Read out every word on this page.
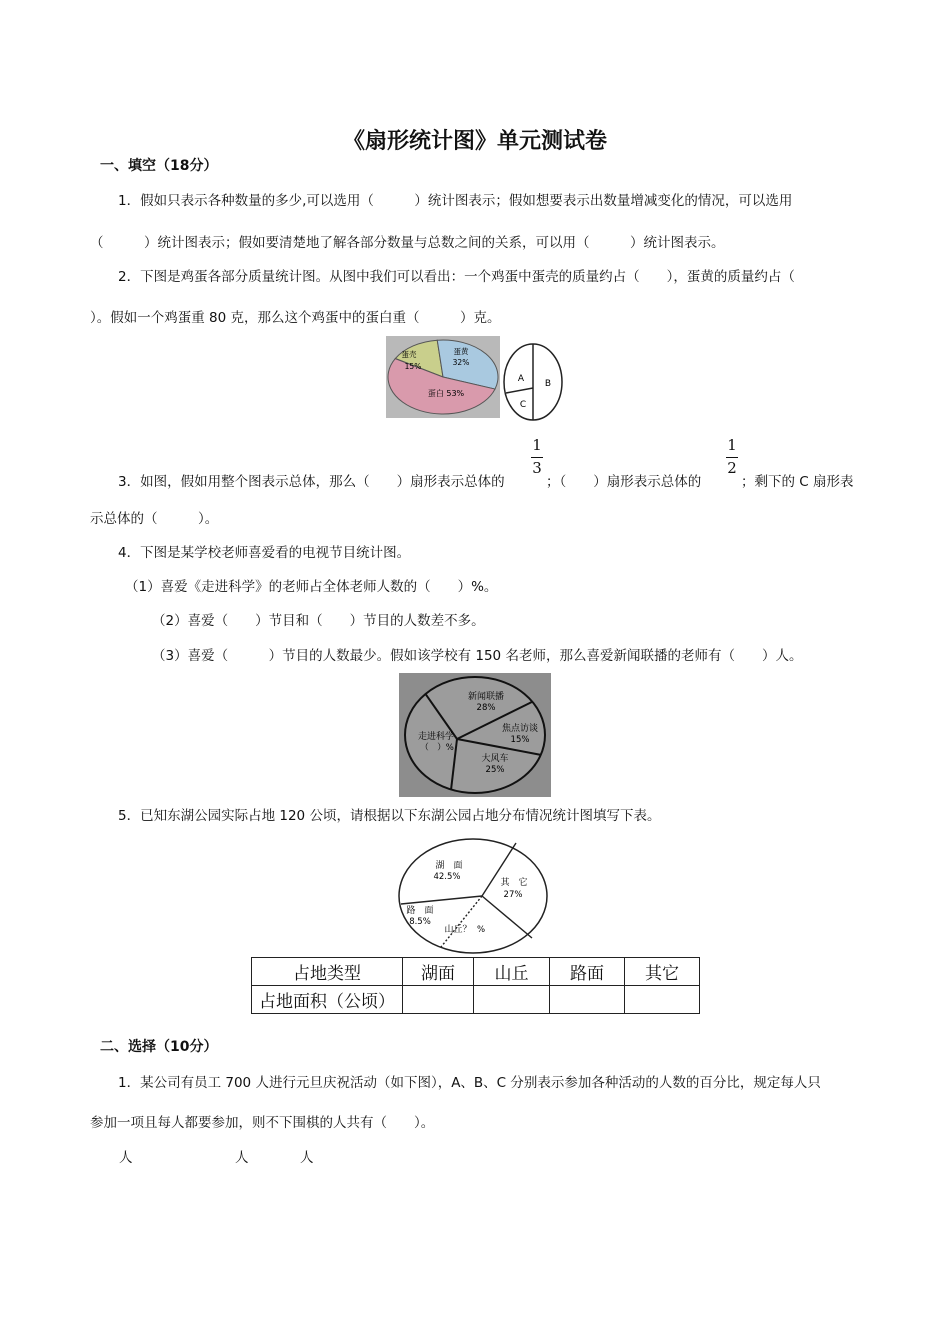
《扇形统计图》单元测试卷
一、填空（18分）
1．假如只表示各种数量的多少,可以选用（　　　）统计图表示；假如想要表示出数量增减变化的情况，可以选用
（　　　）统计图表示；假如要清楚地了解各部分数量与总数之间的关系，可以用（　　　）统计图表示。
2．下图是鸡蛋各部分质量统计图。从图中我们可以看出：一个鸡蛋中蛋壳的质量约占（　　），蛋黄的质量约占（
）。假如一个鸡蛋重 80 克，那么这个鸡蛋中的蛋白重（　　　）克。
蛋壳
15%
蛋黄
32%
蛋白 53%
A B
C
3．如图，假如用整个图表示总体，那么（　　）扇形表示总体的
1
3
；（　　）扇形表示总体的
1
2
；剩下的 C 扇形表
示总体的（　　　）。
4．下图是某学校老师喜爱看的电视节目统计图。
（1）喜爱《走进科学》的老师占全体老师人数的（　　）%。
（2）喜爱（　　）节目和（　　）节目的人数差不多。
（3）喜爱（　　　）节目的人数最少。假如该学校有 150 名老师，那么喜爱新闻联播的老师有（　　）人。
新闻联播
28%
焦点访谈
15%
大风车
25%
走进科学
（　）%
5．已知东湖公园实际占地 120 公顷，请根据以下东湖公园占地分布情况统计图填写下表。
湖　面
42.5%
其　它
27%
山丘？ %
路　面
8.5%
占地类型	湖面	山丘	路面	其它
占地面积（公顷）				
二、选择（10分）
1．某公司有员工 700 人进行元旦庆祝活动（如下图），A、B、C 分别表示参加各种活动的人数的百分比，规定每人只
参加一项且每人都要参加，则不下围棋的人共有（　　）。
人	人	人
